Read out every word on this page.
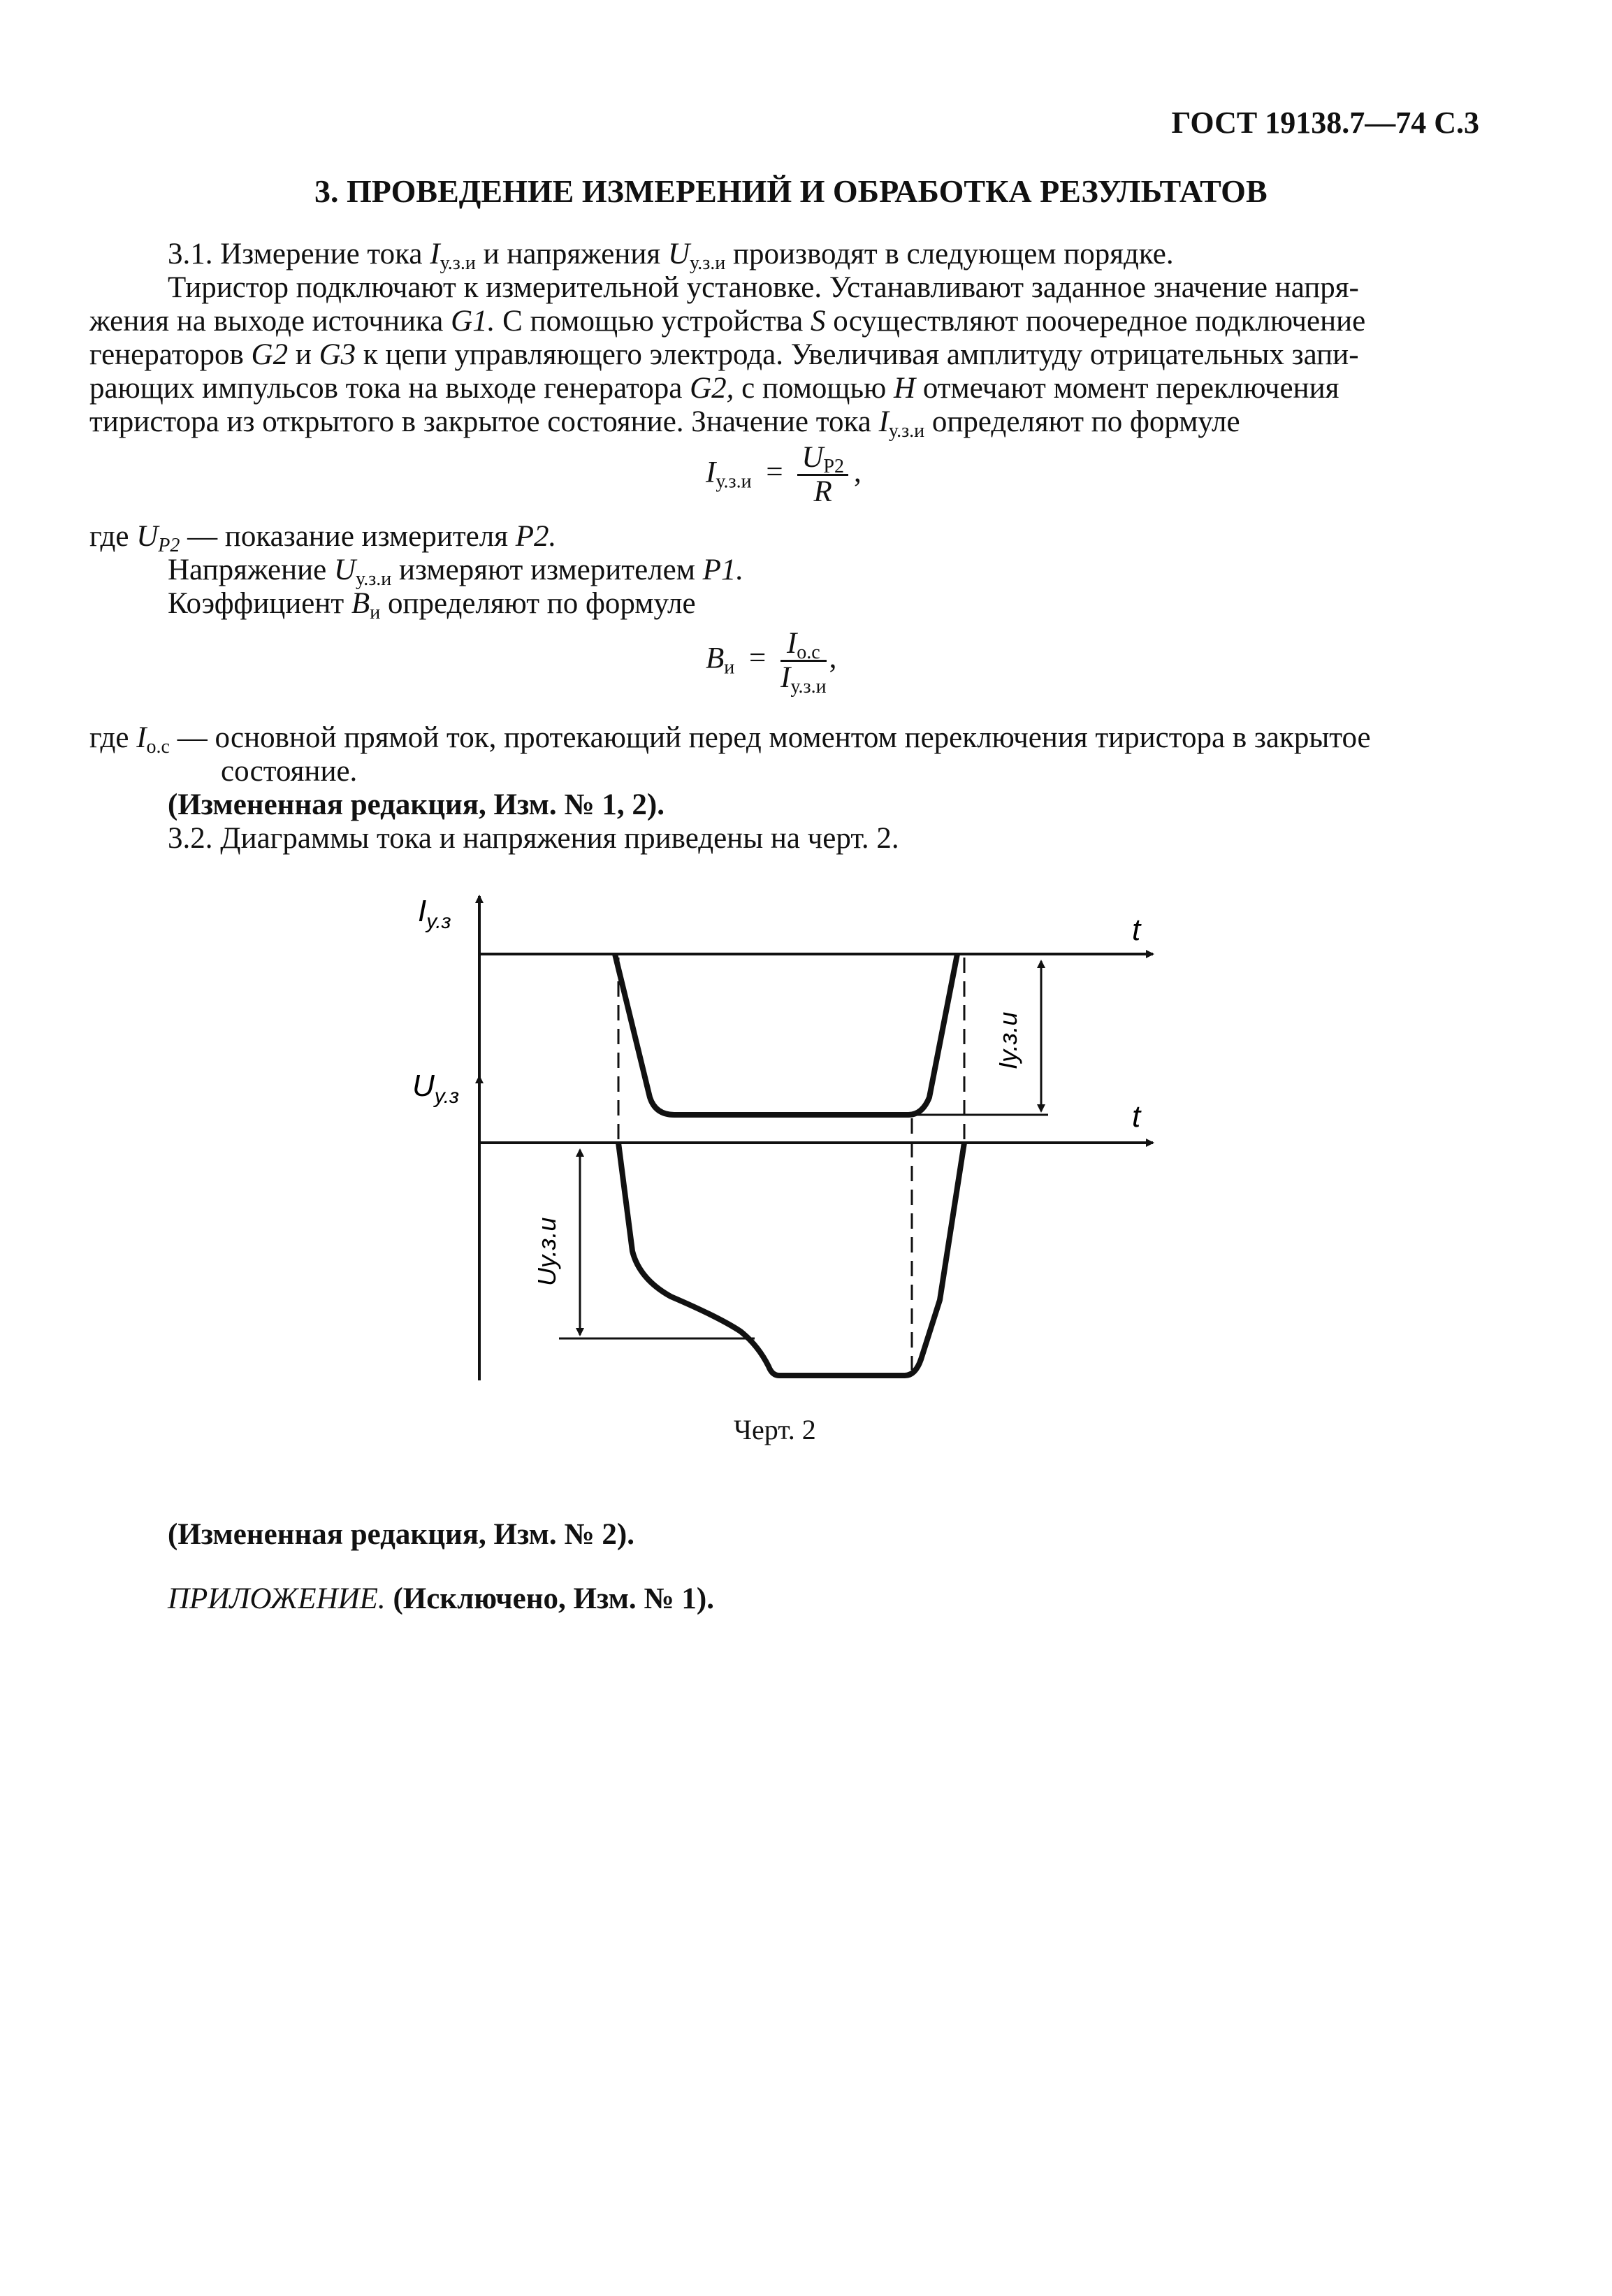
ГОСТ 19138.7—74 С.3
3. ПРОВЕДЕНИЕ ИЗМЕРЕНИЙ И ОБРАБОТКА РЕЗУЛЬТАТОВ
3.1. Измерение тока $I_{у.з.и}$ и напряжения $U_{у.з.и}$ производят в следующем порядке.
Тиристор подключают к измерительной установке. Устанавливают заданное значение напря-
жения на выходе источника G1. С помощью устройства S осуществляют поочередное подключение
генераторов G2 и G3 к цепи управляющего электрода. Увеличивая амплитуду отрицательных запи-
рающих импульсов тока на выходе генератора G2, с помощью H отмечают момент переключения
тиристора из открытого в закрытое состояние. Значение тока $I_{у.з.и}$ определяют по формуле
$I_{у.з.и} = \frac{U_{P2}}{R}$ ,
где $U_{P2}$ — показание измерителя P2.
Напряжение $U_{у.з.и}$ измеряют измерителем P1.
Коэффициент $B_и$ определяют по формуле
$B_и = \frac{I_{о.с}}{I_{у.з.и}}$ ,
где $I_{о.с}$ — основной прямой ток, протекающий перед моментом переключения тиристора в закрытое
состояние.
(Измененная редакция, Изм. № 1, 2).
3.2. Диаграммы тока и напряжения приведены на черт. 2.
$I_{у.з}$
$U_{у.з}$
t
t
Iу.з.и
Uу.з.и
Черт. 2
(Измененная редакция, Изм. № 2).
ПРИЛОЖЕНИЕ. (Исключено, Изм. № 1).
